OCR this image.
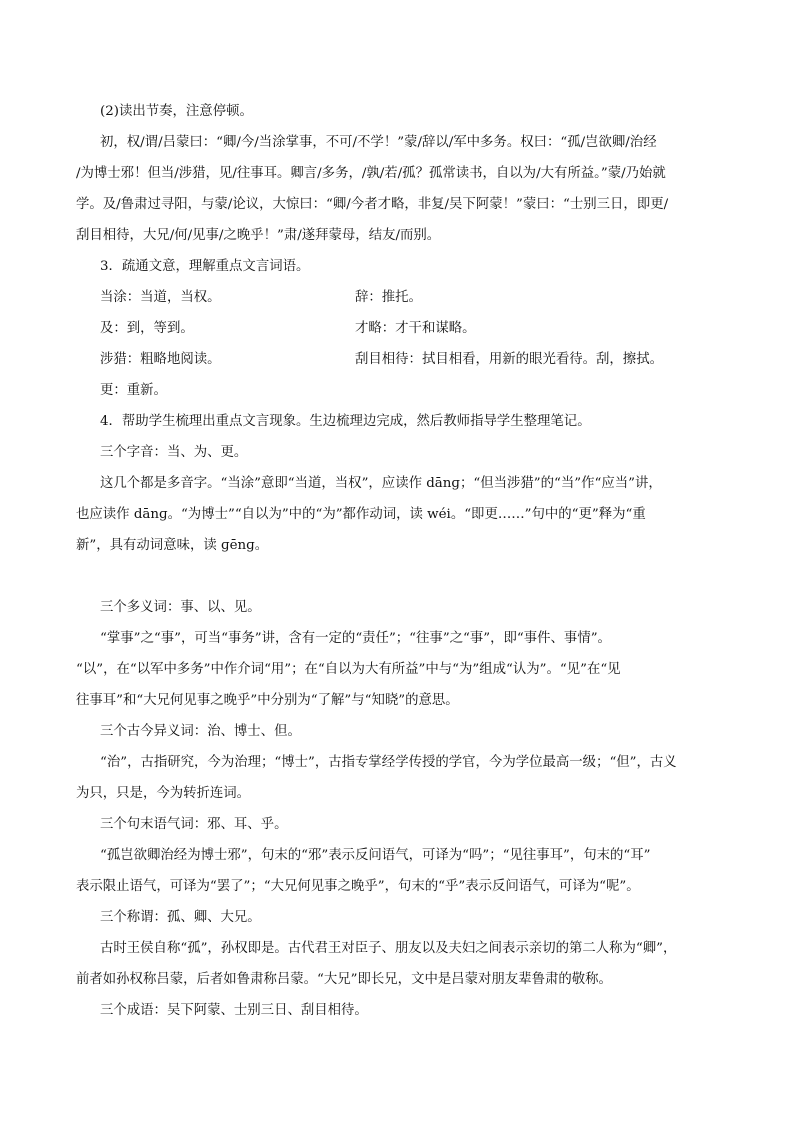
(2)读出节奏，注意停顿。
初，权/谓/吕蒙曰：“卿/今/当涂掌事，不可/不学！”蒙/辞以/军中多务。权曰：“孤/岂欲卿/治经
/为博士邪！但当/涉猎，见/往事耳。卿言/多务，/孰/若/孤？孤常读书，自以为/大有所益。”蒙/乃始就
学。及/鲁肃过寻阳，与蒙/论议，大惊曰：“卿/今者才略，非复/吴下阿蒙！”蒙曰：“士别三日，即更/
刮目相待，大兄/何/见事/之晚乎！”肃/遂拜蒙母，结友/而别。
3．疏通文意，理解重点文言词语。
当涂：当道，当权。	辞：推托。
及：到，等到。	才略：才干和谋略。
涉猎：粗略地阅读。	刮目相待：拭目相看，用新的眼光看待。刮，擦拭。
更：重新。
4．帮助学生梳理出重点文言现象。生边梳理边完成，然后教师指导学生整理笔记。
三个字音：当、为、更。
这几个都是多音字。“当涂”意即“当道，当权”，应读作 dānɡ；“但当涉猎”的“当”作“应当”讲，
也应读作 dānɡ。“为博士”“自以为”中的“为”都作动词，读 wéi。“即更……”句中的“更”释为“重
新”，具有动词意味，读 ɡēnɡ。
三个多义词：事、以、见。
“掌事”之“事”，可当“事务”讲，含有一定的“责任”；“往事”之“事”，即“事件、事情”。
“以”，在“以军中多务”中作介词“用”；在“自以为大有所益”中与“为”组成“认为”。“见”在“见
往事耳”和“大兄何见事之晚乎”中分别为“了解”与“知晓”的意思。
三个古今异义词：治、博士、但。
“治”，古指研究，今为治理；“博士”，古指专掌经学传授的学官，今为学位最高一级；“但”，古义
为只，只是，今为转折连词。
三个句末语气词：邪、耳、乎。
“孤岂欲卿治经为博士邪”，句末的“邪”表示反问语气，可译为“吗”；“见往事耳”，句末的“耳”
表示限止语气，可译为“罢了”；“大兄何见事之晚乎”，句末的“乎”表示反问语气，可译为“呢”。
三个称谓：孤、卿、大兄。
古时王侯自称“孤”，孙权即是。古代君王对臣子、朋友以及夫妇之间表示亲切的第二人称为“卿”，
前者如孙权称吕蒙，后者如鲁肃称吕蒙。“大兄”即长兄，文中是吕蒙对朋友辈鲁肃的敬称。
三个成语：吴下阿蒙、士别三日、刮目相待。
